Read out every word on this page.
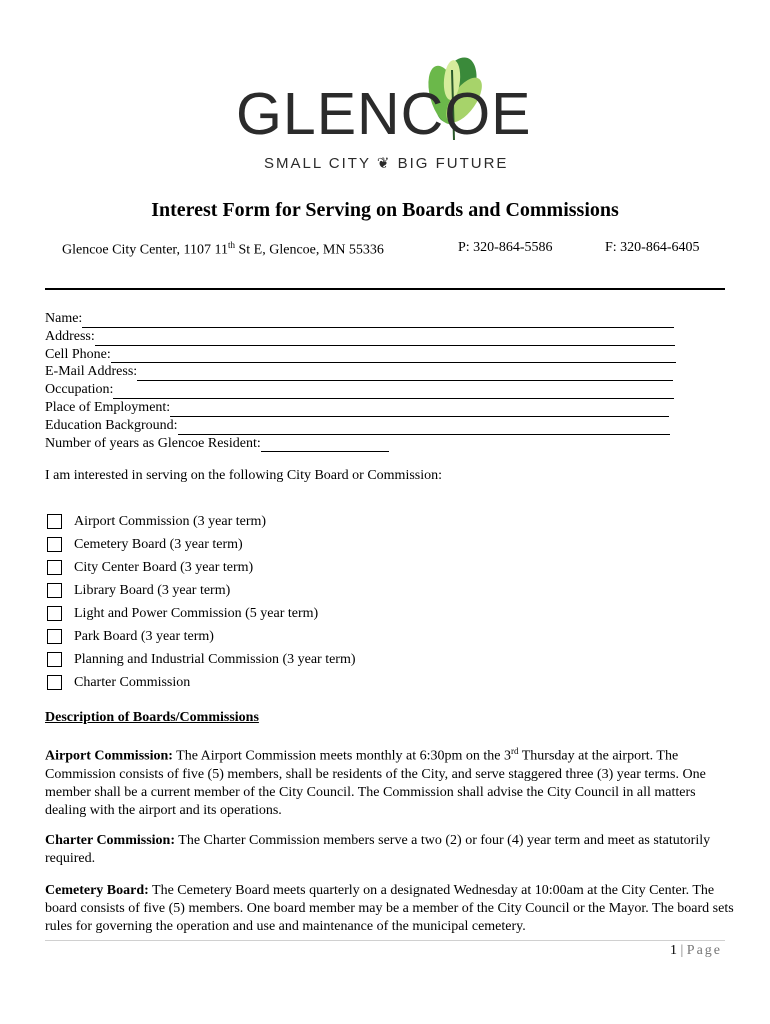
GLENCOE
SMALL CITY ❦ BIG FUTURE
Interest Form for Serving on Boards and Commissions
Glencoe City Center, 1107 11th St E, Glencoe, MN 55336	P: 320-864-5586	F: 320-864-6405
Name:
Address:
Cell Phone:
E-Mail Address:
Occupation:
Place of Employment:
Education Background:
Number of years as Glencoe Resident:
I am interested in serving on the following City Board or Commission:
Airport Commission (3 year term)
Cemetery Board (3 year term)
City Center Board (3 year term)
Library Board (3 year term)
Light and Power Commission (5 year term)
Park Board (3 year term)
Planning and Industrial Commission (3 year term)
Charter Commission
Description of Boards/Commissions
Airport Commission: The Airport Commission meets monthly at 6:30pm on the 3rd Thursday at the airport. The Commission consists of five (5) members, shall be residents of the City, and serve staggered three (3) year terms. One member shall be a current member of the City Council. The Commission shall advise the City Council in all matters dealing with the airport and its operations.
Charter Commission: The Charter Commission members serve a two (2) or four (4) year term and meet as statutorily required.
Cemetery Board: The Cemetery Board meets quarterly on a designated Wednesday at 10:00am at the City Center. The board consists of five (5) members. One board member may be a member of the City Council or the Mayor. The board sets rules for governing the operation and use and maintenance of the municipal cemetery.
1 | Page
